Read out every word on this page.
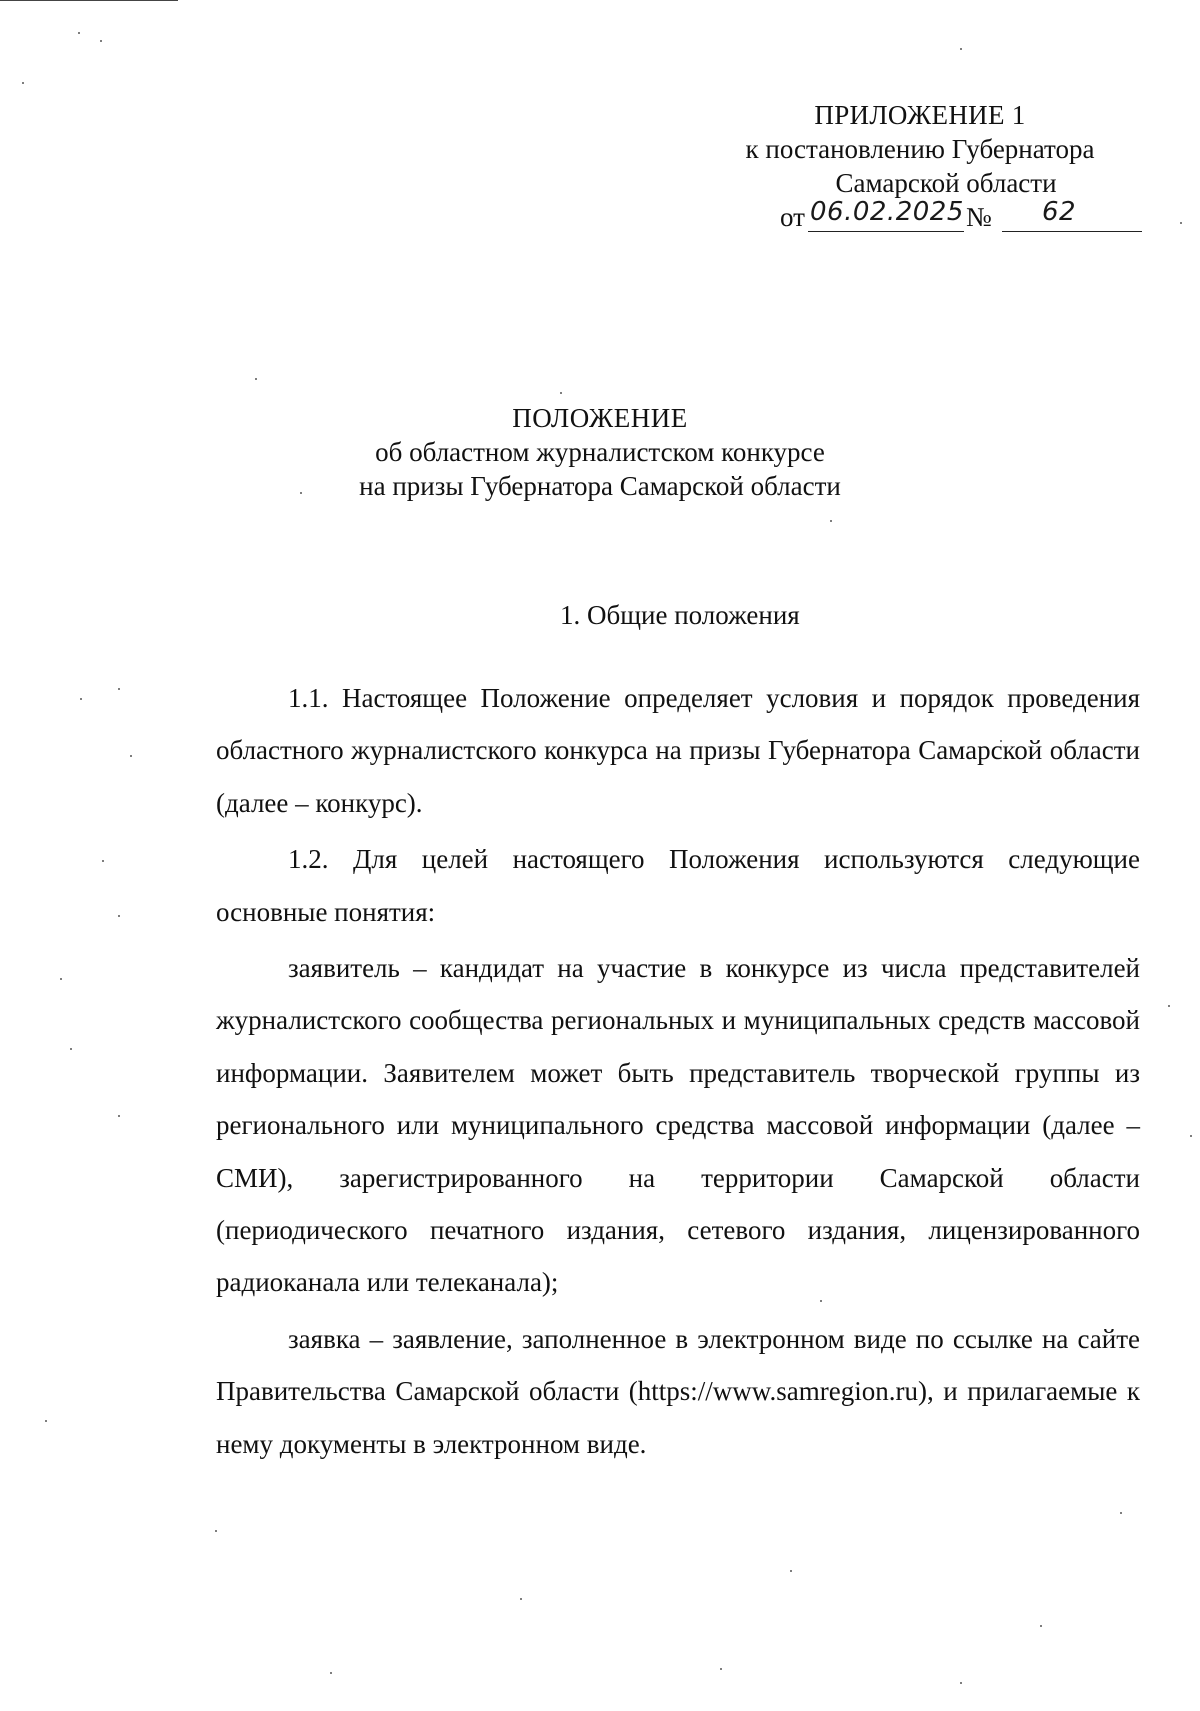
ПРИЛОЖЕНИЕ 1
к постановлению Губернатора
Самарской области
от 06.02.2025 № 62
ПОЛОЖЕНИЕ
об областном журналистском конкурсе
на призы Губернатора Самарской области
1. Общие положения

1.1. Настоящее Положение определяет условия и порядок проведения областного журналистского конкурса на призы Губернатора Самарской области (далее – конкурс).

1.2. Для целей настоящего Положения используются следующие основные понятия:

заявитель – кандидат на участие в конкурсе из числа представителей журналистского сообщества региональных и муниципальных средств массовой информации. Заявителем может быть представитель творческой группы из регионального или муниципального средства массовой информации (далее – СМИ), зарегистрированного на территории Самарской области (периодического печатного издания, сетевого издания, лицензированного радиоканала или телеканала);

заявка – заявление, заполненное в электронном виде по ссылке на сайте Правительства Самарской области (https://www.samregion.ru), и прилагаемые к нему документы в электронном виде.
